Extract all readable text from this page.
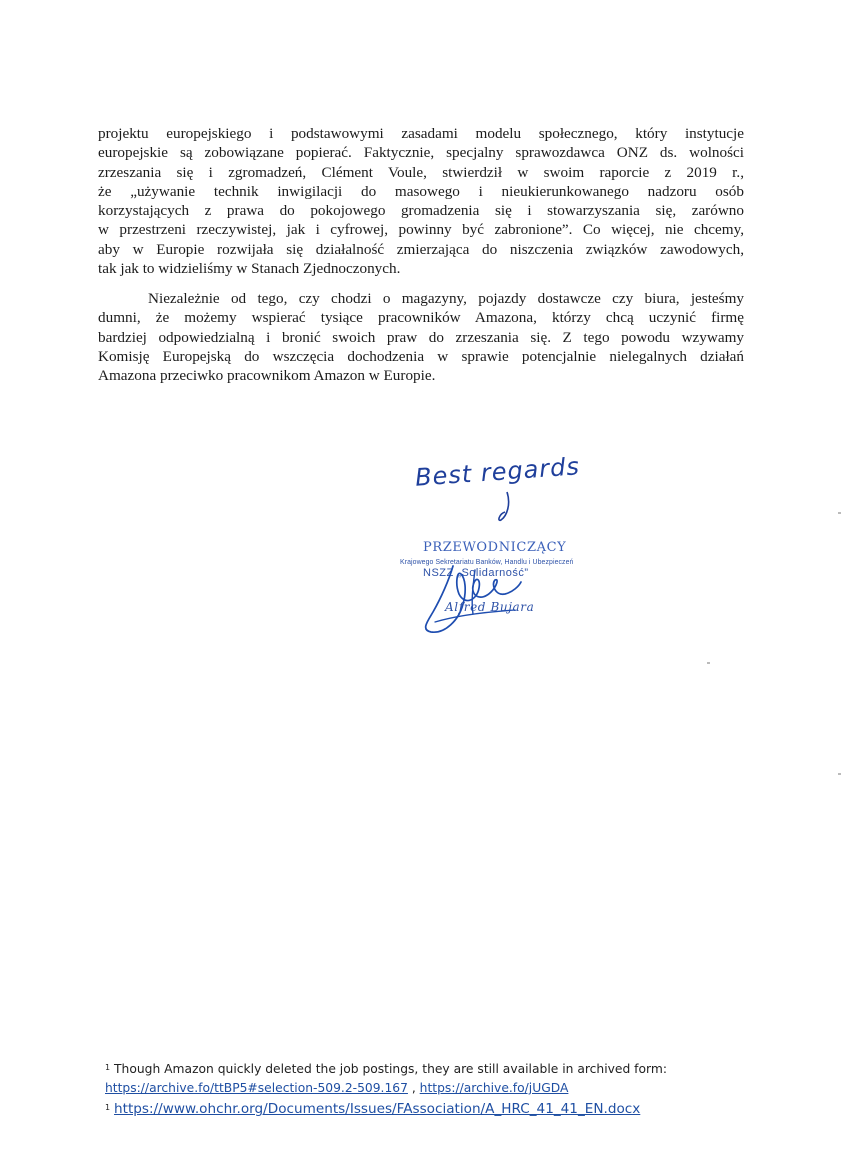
projektu europejskiego i podstawowymi zasadami modelu społecznego, który instytucje
europejskie są zobowiązane popierać. Faktycznie, specjalny sprawozdawca ONZ ds. wolności
zrzeszania się i zgromadzeń, Clément Voule, stwierdził w swoim raporcie z 2019 r.,
że „używanie technik inwigilacji do masowego i nieukierunkowanego nadzoru osób
korzystających z prawa do pokojowego gromadzenia się i stowarzyszania się, zarówno
w przestrzeni rzeczywistej, jak i cyfrowej, powinny być zabronione”. Co więcej, nie chcemy,
aby w Europie rozwijała się działalność zmierzająca do niszczenia związków zawodowych,
tak jak to widzieliśmy w Stanach Zjednoczonych.
Niezależnie od tego, czy chodzi o magazyny, pojazdy dostawcze czy biura, jesteśmy
dumni, że możemy wspierać tysiące pracowników Amazona, którzy chcą uczynić firmę
bardziej odpowiedzialną i bronić swoich praw do zrzeszania się. Z tego powodu wzywamy
Komisję Europejską do wszczęcia dochodzenia w sprawie potencjalnie nielegalnych działań
Amazona przeciwko pracownikom Amazon w Europie.
Best regards
PRZEWODNICZĄCY
Krajowego Sekretariatu Banków, Handlu i Ubezpieczeń
NSZZ „Solidarność”
Alfred Bujara
$^1$ Though Amazon quickly deleted the job postings, they are still available in archived form:
https://archive.fo/ttBP5#selection-509.2-509.167 , https://archive.fo/jUGDA
$^1$ https://www.ohchr.org/Documents/Issues/FAssociation/A_HRC_41_41_EN.docx
